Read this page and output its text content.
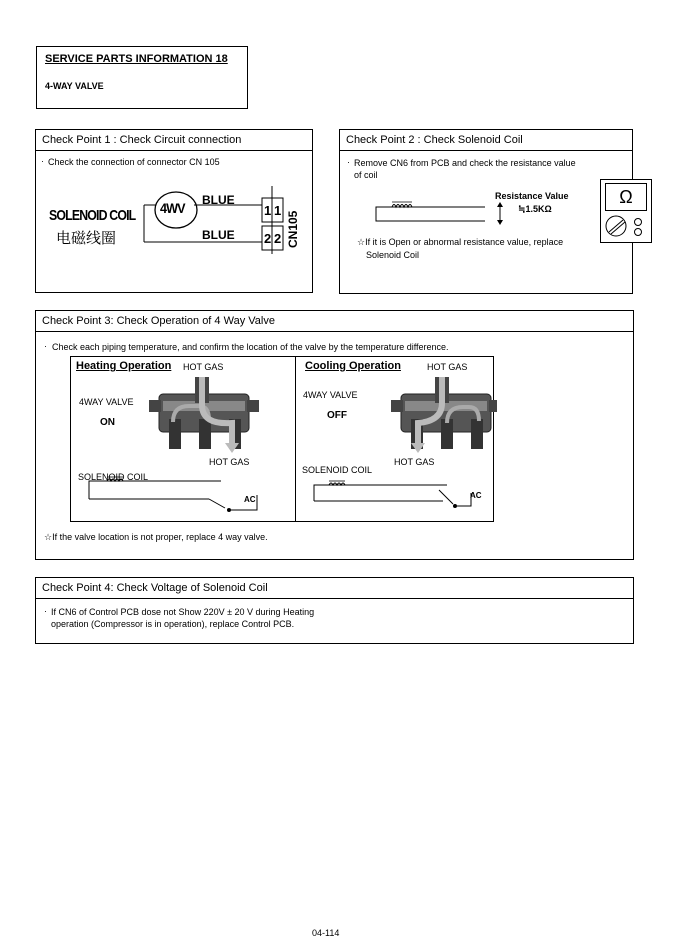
SERVICE PARTS INFORMATION 18
4-WAY VALVE
Check Point 1 : Check Circuit connection
· Check the connection of connector CN 105
SOLENOID COIL
电磁线圈
4WV BLUE
BLUE
1 1
2 2 CN105
Check Point 2 : Check Solenoid Coil
· Remove CN6 from PCB and check the resistance value
of coil
Resistance Value
≒1.5KΩ
☆If it is Open or abnormal resistance value, replace
Solenoid Coil
Ω
Check Point 3: Check Operation of 4 Way Valve
· Check each piping temperature, and confirm the location of the valve by the temperature difference.
Heating Operation HOT GAS
4WAY VALVE
ON
HOT GAS
SOLENOID COIL
AC
Cooling Operation	HOT GAS
4WAY VALVE
OFF
HOT GAS
SOLENOID COIL
AC
☆If the valve location is not proper, replace 4 way valve.
Check Point 4: Check Voltage of Solenoid Coil
· If CN6 of Control PCB dose not Show 220V ± 20 V during Heating
operation (Compressor is in operation), replace Control PCB.
04-114
